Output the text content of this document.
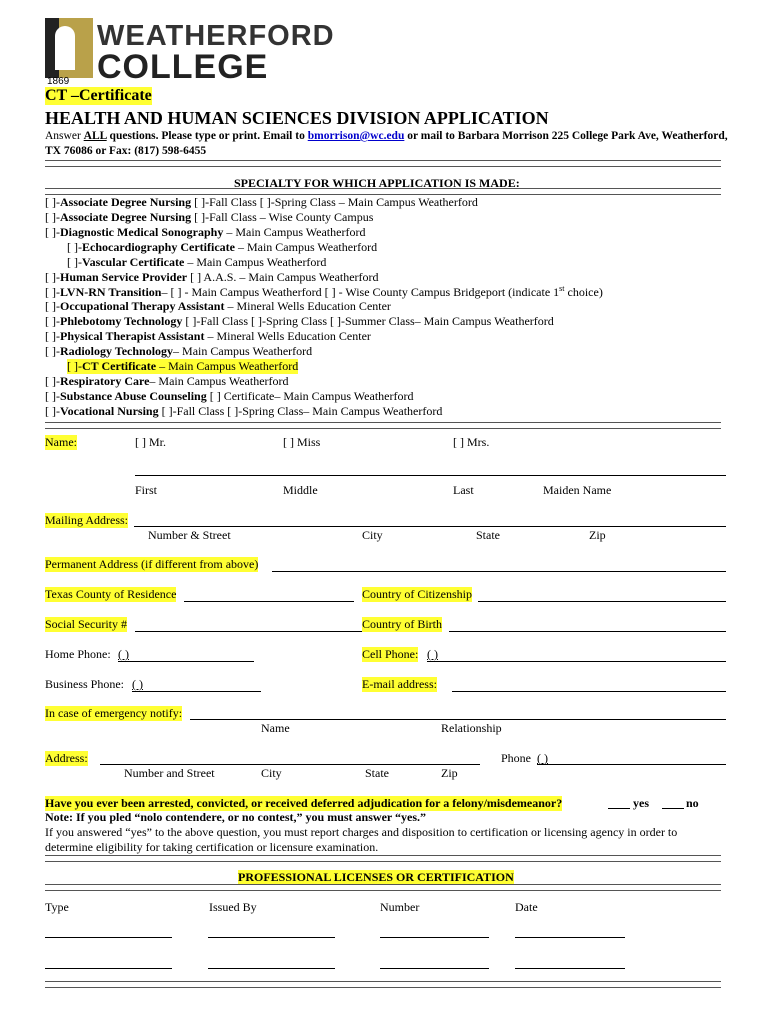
WEATHERFORD
COLLEGE
1869
CT –Certificate
HEALTH AND HUMAN SCIENCES DIVISION APPLICATION
Answer ALL questions. Please type or print. Email to bmorrison@wc.edu or mail to Barbara Morrison 225 College Park Ave, Weatherford,
TX 76086 or Fax: (817) 598-6455
SPECIALTY FOR WHICH APPLICATION IS MADE:
[ ]-Associate Degree Nursing [ ]-Fall Class [ ]-Spring Class – Main Campus Weatherford
[ ]-Associate Degree Nursing [ ]-Fall Class – Wise County Campus
[ ]-Diagnostic Medical Sonography – Main Campus Weatherford
[ ]-Echocardiography Certificate – Main Campus Weatherford
[ ]-Vascular Certificate – Main Campus Weatherford
[ ]-Human Service Provider [ ] A.A.S. – Main Campus Weatherford
[ ]-LVN-RN Transition– [ ] - Main Campus Weatherford [ ] - Wise County Campus Bridgeport (indicate 1st choice)
[ ]-Occupational Therapy Assistant – Mineral Wells Education Center
[ ]-Phlebotomy Technology [ ]-Fall Class [ ]-Spring Class [ ]-Summer Class– Main Campus Weatherford
[ ]-Physical Therapist Assistant – Mineral Wells Education Center
[ ]-Radiology Technology– Main Campus Weatherford
[ ]-CT Certificate – Main Campus Weatherford
[ ]-Respiratory Care– Main Campus Weatherford
[ ]-Substance Abuse Counseling [ ] Certificate– Main Campus Weatherford
[ ]-Vocational Nursing [ ]-Fall Class [ ]-Spring Class– Main Campus Weatherford
Name:	[ ] Mr.	[ ] Miss	[ ] Mrs.
First	Middle	Last	Maiden Name
Mailing Address:
Number & Street	City	State	Zip
Permanent Address (if different from above)
Texas County of Residence	Country of Citizenship
Social Security #	Country of Birth
Home Phone: ( )	Cell Phone: ( )
Business Phone: ( )	E-mail address:
In case of emergency notify:
Name	Relationship
Address:	Phone ( )
Number and Street	City	State	Zip
Have you ever been arrested, convicted, or received deferred adjudication for a felony/misdemeanor?	yes	no
Note: If you pled “nolo contendere, or no contest,” you must answer “yes.”
If you answered “yes” to the above question, you must report charges and disposition to certification or licensing agency in order to
determine eligibility for taking certification or licensure examination.
PROFESSIONAL LICENSES OR CERTIFICATION
Type	Issued By	Number	Date
